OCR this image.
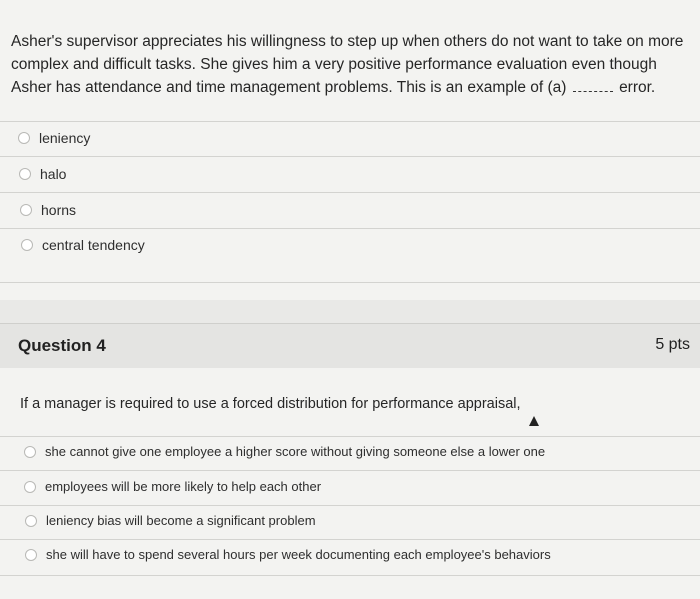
Asher's supervisor appreciates his willingness to step up when others do not want to take on more complex and difficult tasks. She gives him a very positive performance evaluation even though Asher has attendance and time management problems. This is an example of (a)	error.
leniency
halo
horns
central tendency
Question 4	5 pts
If a manager is required to use a forced distribution for performance appraisal,
she cannot give one employee a higher score without giving someone else a lower one
employees will be more likely to help each other
leniency bias will become a significant problem
she will have to spend several hours per week documenting each employee's behaviors
